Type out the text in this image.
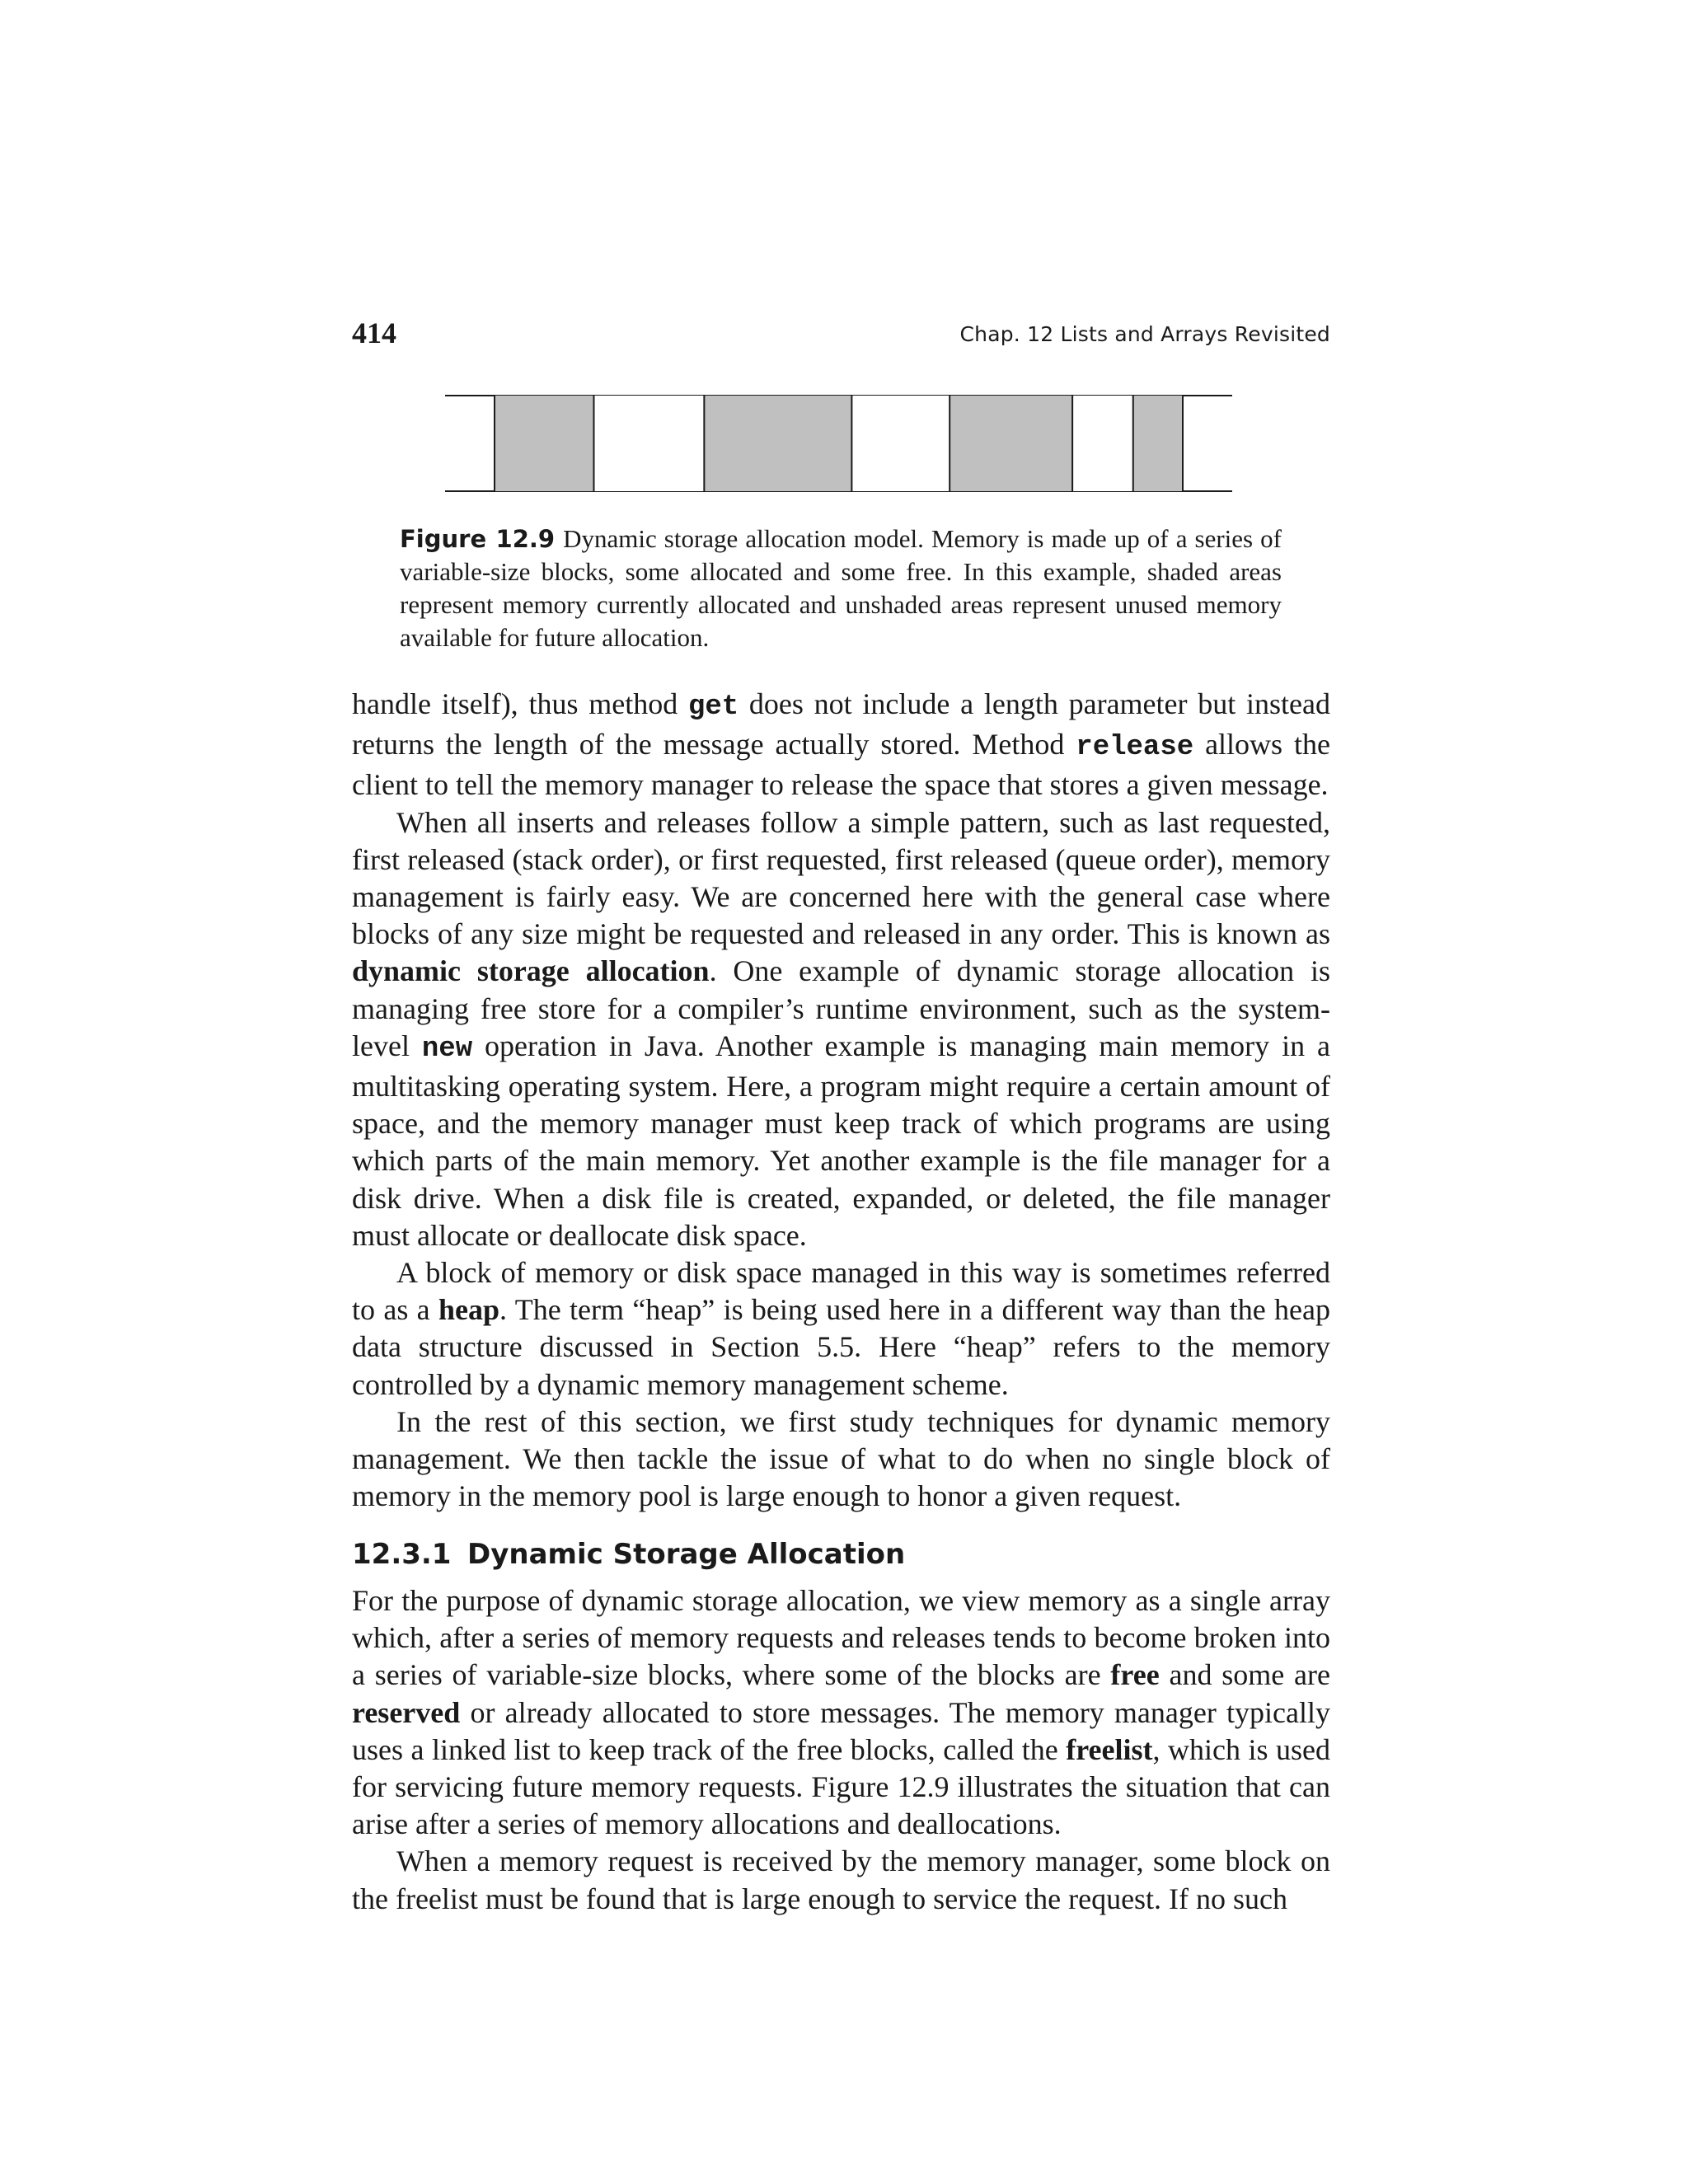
414	Chap. 12 Lists and Arrays Revisited
Figure 12.9 Dynamic storage allocation model. Memory is made up of a series of variable-size blocks, some allocated and some free. In this example, shaded areas represent memory currently allocated and unshaded areas represent unused memory available for future allocation.

handle itself), thus method get does not include a length parameter but instead returns the length of the message actually stored. Method release allows the client to tell the memory manager to release the space that stores a given message.

When all inserts and releases follow a simple pattern, such as last requested, first released (stack order), or first requested, first released (queue order), memory management is fairly easy. We are concerned here with the general case where blocks of any size might be requested and released in any order. This is known as dynamic storage allocation. One example of dynamic storage allocation is managing free store for a compiler’s runtime environment, such as the system-level new operation in Java. Another example is managing main memory in a multitasking operating system. Here, a program might require a certain amount of space, and the memory manager must keep track of which programs are using which parts of the main memory. Yet another example is the file manager for a disk drive. When a disk file is created, expanded, or deleted, the file manager must allocate or deallocate disk space.

A block of memory or disk space managed in this way is sometimes referred to as a heap. The term “heap” is being used here in a different way than the heap data structure discussed in Section 5.5. Here “heap” refers to the memory controlled by a dynamic memory management scheme.

In the rest of this section, we first study techniques for dynamic memory management. We then tackle the issue of what to do when no single block of memory in the memory pool is large enough to honor a given request.

12.3.1 Dynamic Storage Allocation

For the purpose of dynamic storage allocation, we view memory as a single array which, after a series of memory requests and releases tends to become broken into a series of variable-size blocks, where some of the blocks are free and some are reserved or already allocated to store messages. The memory manager typically uses a linked list to keep track of the free blocks, called the freelist, which is used for servicing future memory requests. Figure 12.9 illustrates the situation that can arise after a series of memory allocations and deallocations.

When a memory request is received by the memory manager, some block on the freelist must be found that is large enough to service the request. If no such
